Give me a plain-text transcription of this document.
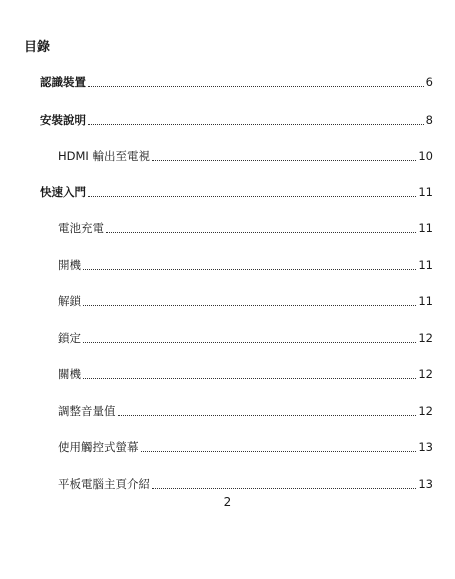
目錄
認識裝置	6
安裝說明	8
HDMI 輸出至電視	10
快速入門	11
電池充電	11
開機	11
解鎖	11
鎖定	12
關機	12
調整音量值	12
使用觸控式螢幕	13
平板電腦主頁介紹	13
2
